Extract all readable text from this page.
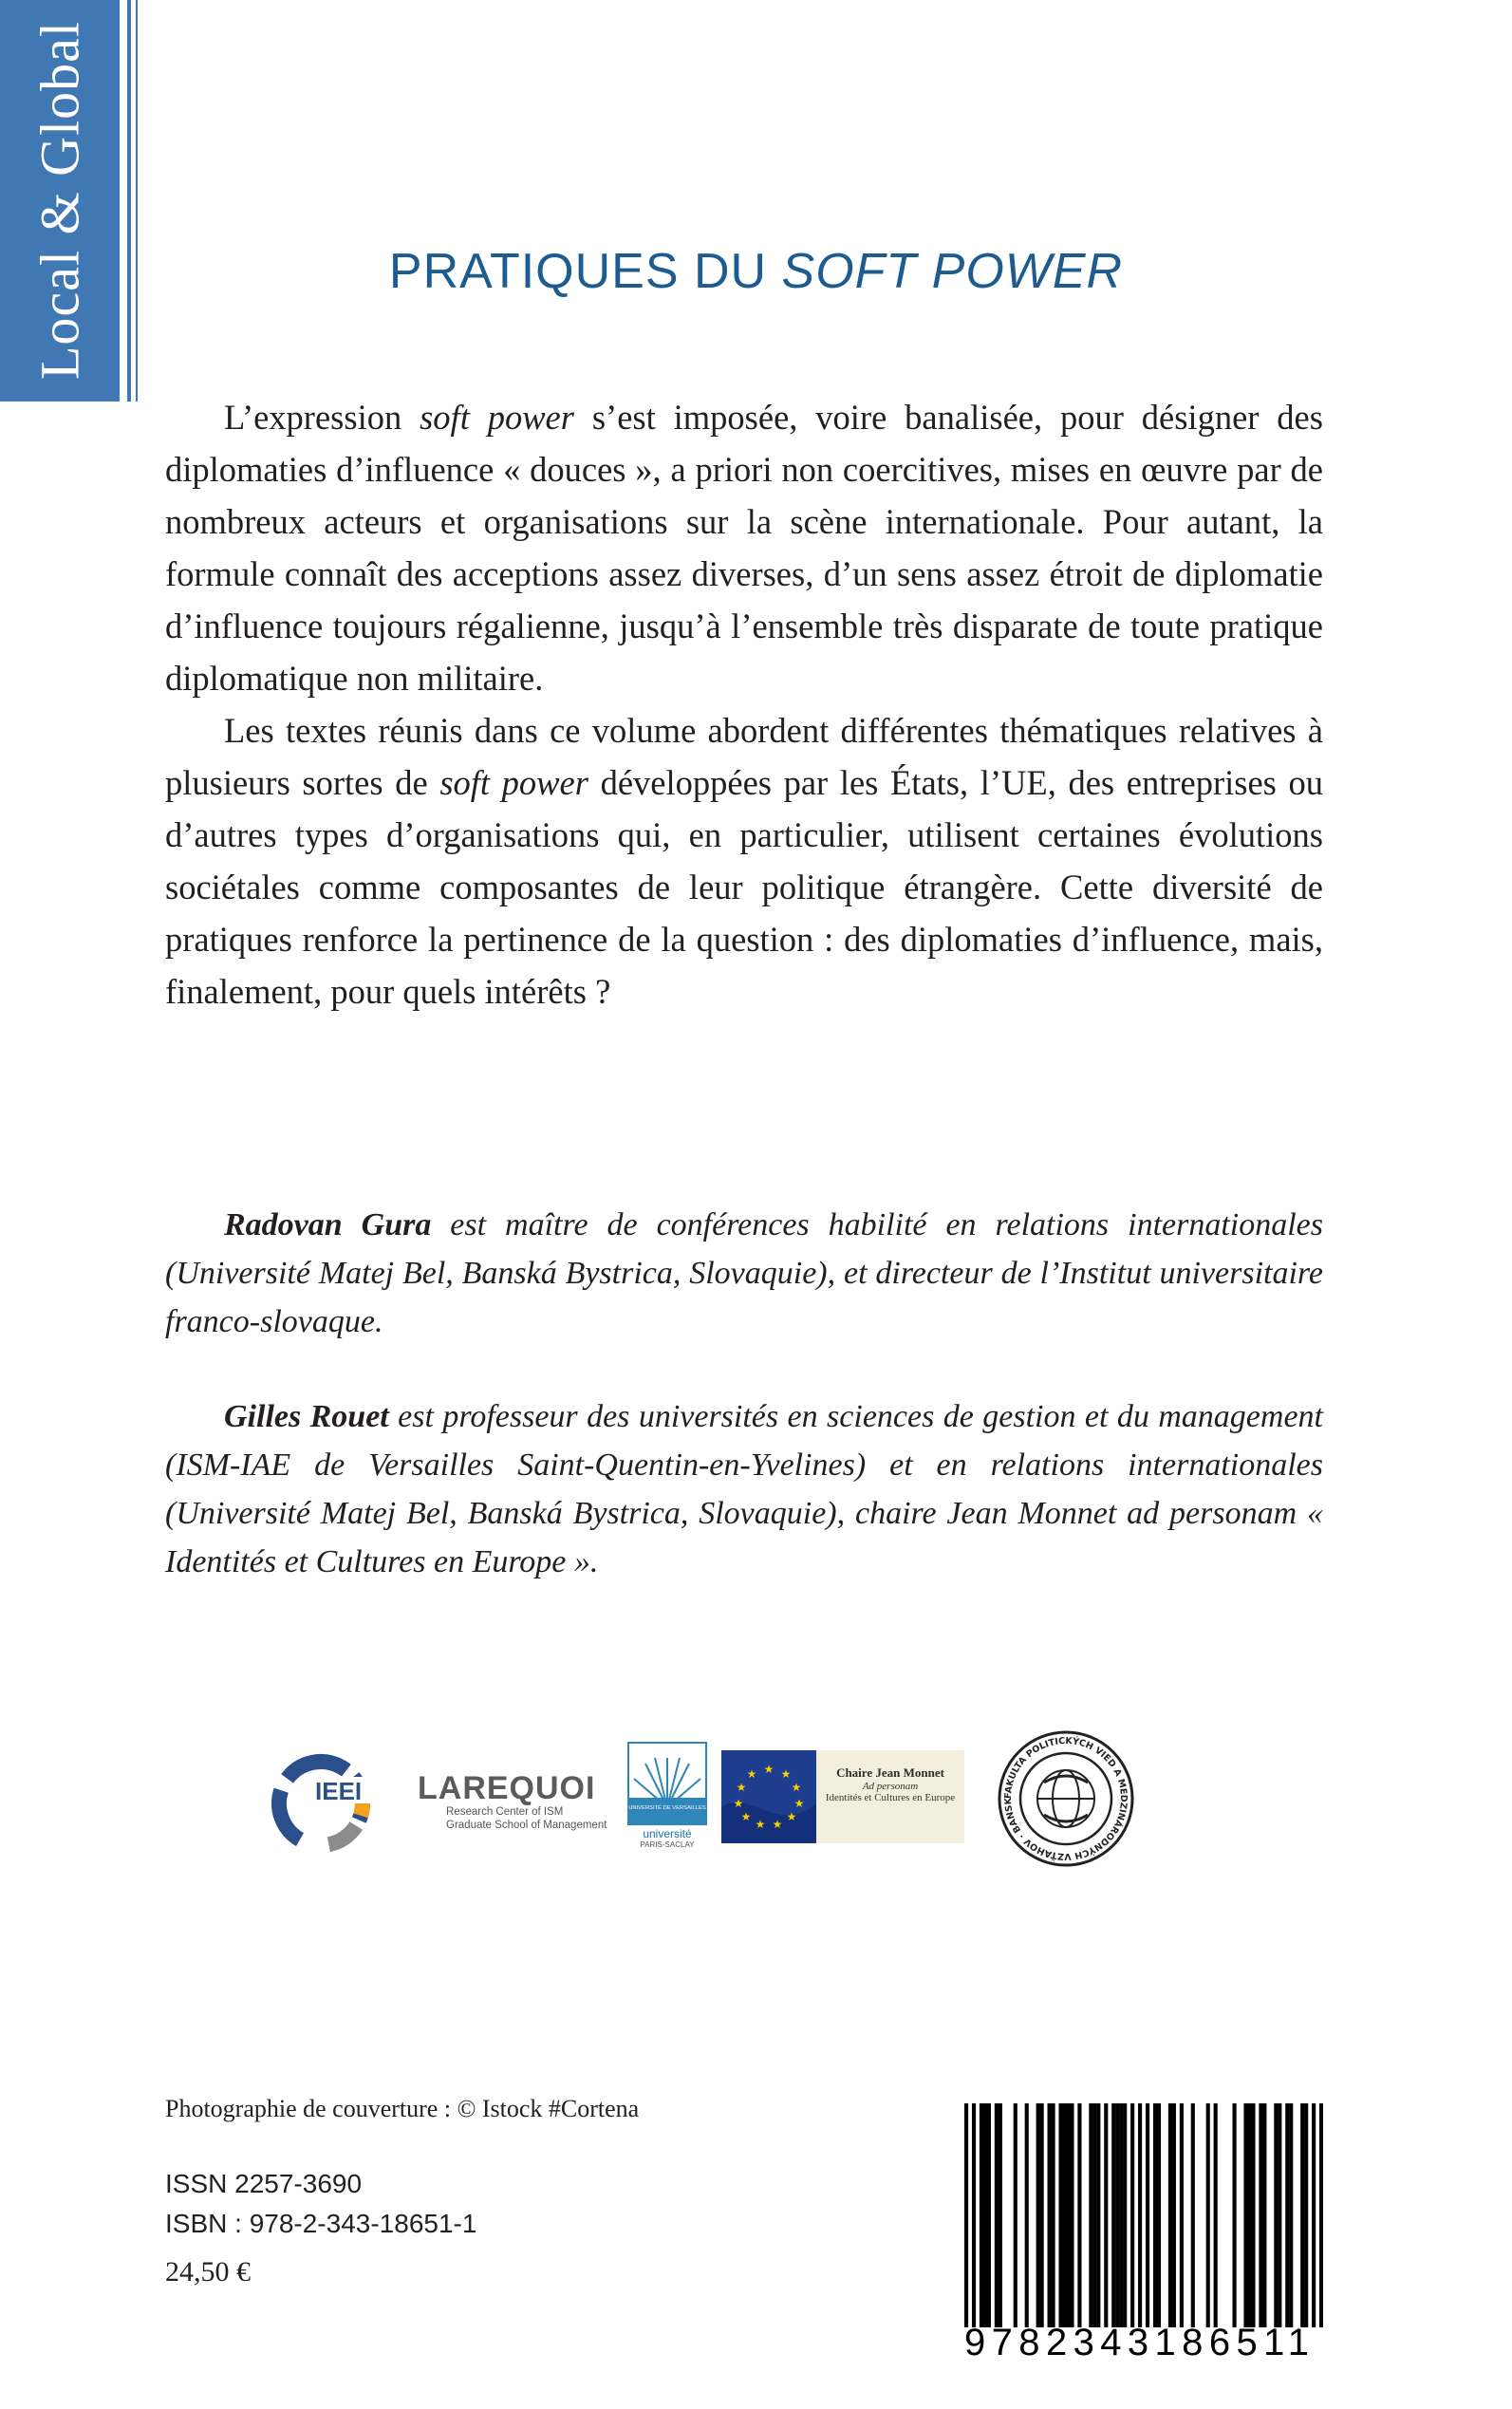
Local & Global	PRATIQUES DU SOFT POWER

L’expression soft power s’est imposée, voire banalisée, pour désigner des diplomaties d’influence « douces », a priori non coercitives, mises en œuvre par de nombreux acteurs et organisations sur la scène internationale. Pour autant, la formule connaît des acceptions assez diverses, d’un sens assez étroit de diplomatie d’influence toujours régalienne, jusqu’à l’ensemble très disparate de toute pratique diplomatique non militaire.

Les textes réunis dans ce volume abordent différentes thématiques relatives à plusieurs sortes de soft power développées par les États, l’UE, des entreprises ou d’autres types d’organisations qui, en particulier, utilisent certaines évolutions sociétales comme composantes de leur politique étrangère. Cette diversité de pratiques renforce la pertinence de la question : des diplomaties d’influence, mais, finalement, pour quels intérêts ?

Radovan Gura est maître de conférences habilité en relations internationales (Université Matej Bel, Banská Bystrica, Slovaquie), et directeur de l’Institut universitaire franco-slovaque.

Gilles Rouet est professeur des universités en sciences de gestion et du management (ISM-IAE de Versailles Saint-Quentin-en-Yvelines) et en relations internationales (Université Matej Bel, Banská Bystrica, Slovaquie), chaire Jean Monnet ad personam « Identités et Cultures en Europe ».

IEEI LAREQUOI
Research Center of ISM
Graduate School of Management
UNIVERSITÉ DE VERSAILLES
université
PARIS-SACLAY
★ ★
★
★
★
★
★
★
★
★
★	Chaire Jean Monnet
Ad personam
Identités et Cultures en Europe	FAKULTA POLITICKÝCH VIED A MEDZINÁRODNÝCH VZŤAHOV · BANSK
Photographie de couverture : © Istock #Cortena
ISSN 2257-3690
ISBN : 978-2-343-18651-1
24,50 €
9782343186511
